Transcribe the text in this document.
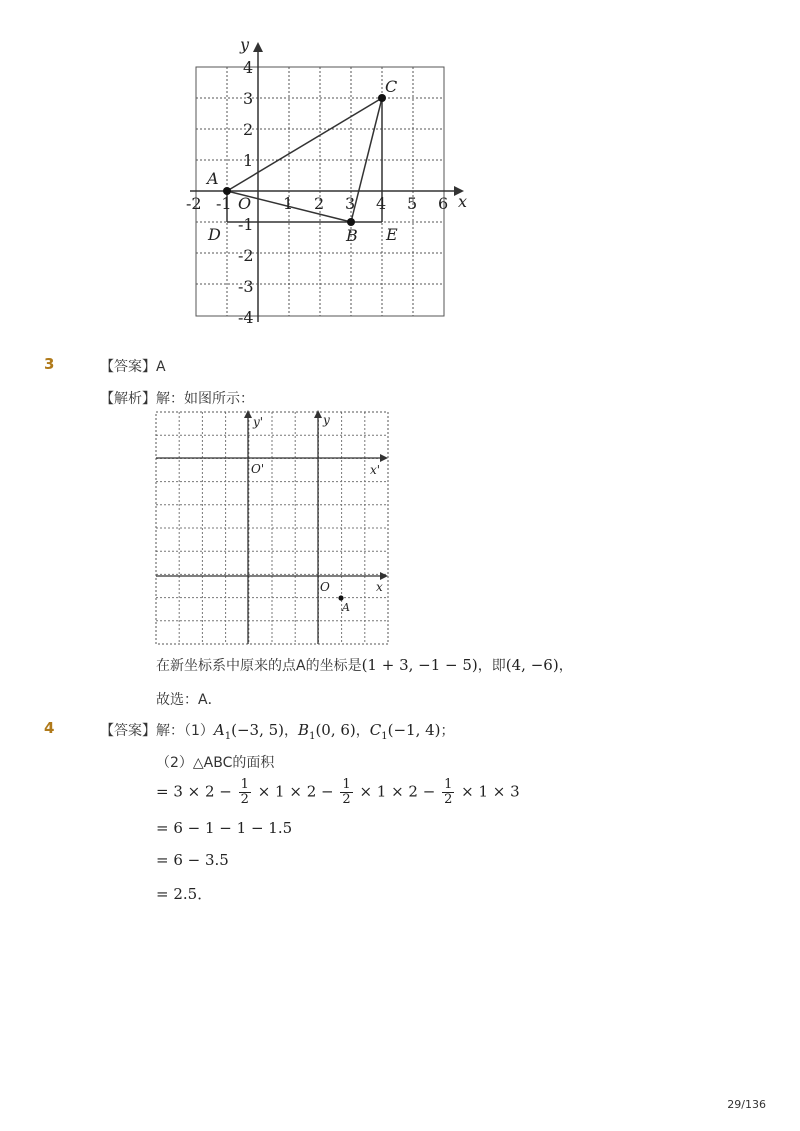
-2 -1	1 2 3 4 5 6
4
3
2
1
-1
-2
-3
-4
O	x
y
A
C
B
D	E
3	【答案】A
【解析】解：如图所示：
y'
x'
O'
y
x
O
A
在新坐标系中原来的点A的坐标是(1 + 3, −1 − 5)，即(4, −6)，
故选：A．
4	【答案】解：$(1)A_1(-3$, 5)，$B_1(0$, 6)，$C_1(-1$, 4)；
（2）△ABC的面积
= $3 \times 2 - \frac{1}{2} \times 1 \times 2 - \frac{1}{2} \times 1 \times 2 - \frac{1}{2} \times 1 \times 3$
= 6 − 1 − 1 − 1.5
= 6 − 3.5
= 2.5．
29/136
